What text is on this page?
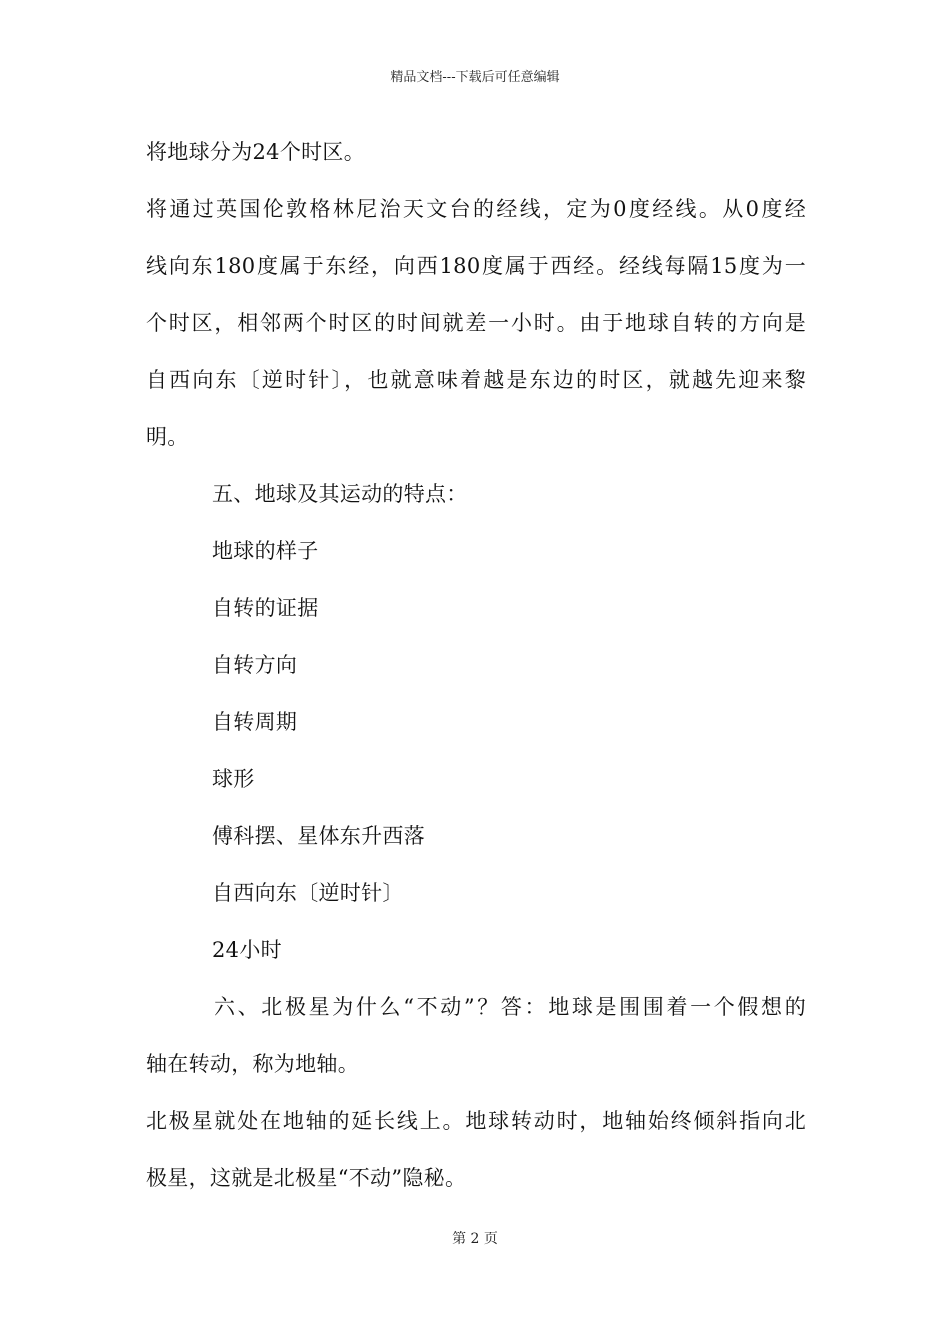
精品文档---下载后可任意编辑
将地球分为24个时区。
将通过英国伦敦格林尼治天文台的经线，定为0度经线。从0度经
线向东180度属于东经，向西180度属于西经。经线每隔15度为一
个时区，相邻两个时区的时间就差一小时。由于地球自转的方向是
自西向东〔逆时针〕，也就意味着越是东边的时区，就越先迎来黎
明。
五、地球及其运动的特点：
地球的样子
自转的证据
自转方向
自转周期
球形
傅科摆、星体东升西落
自西向东〔逆时针〕
24小时
六、北极星为什么“不动”？答：地球是围围着一个假想的
轴在转动，称为地轴。
北极星就处在地轴的延长线上。地球转动时，地轴始终倾斜指向北
极星，这就是北极星“不动”隐秘。
第 2 页
